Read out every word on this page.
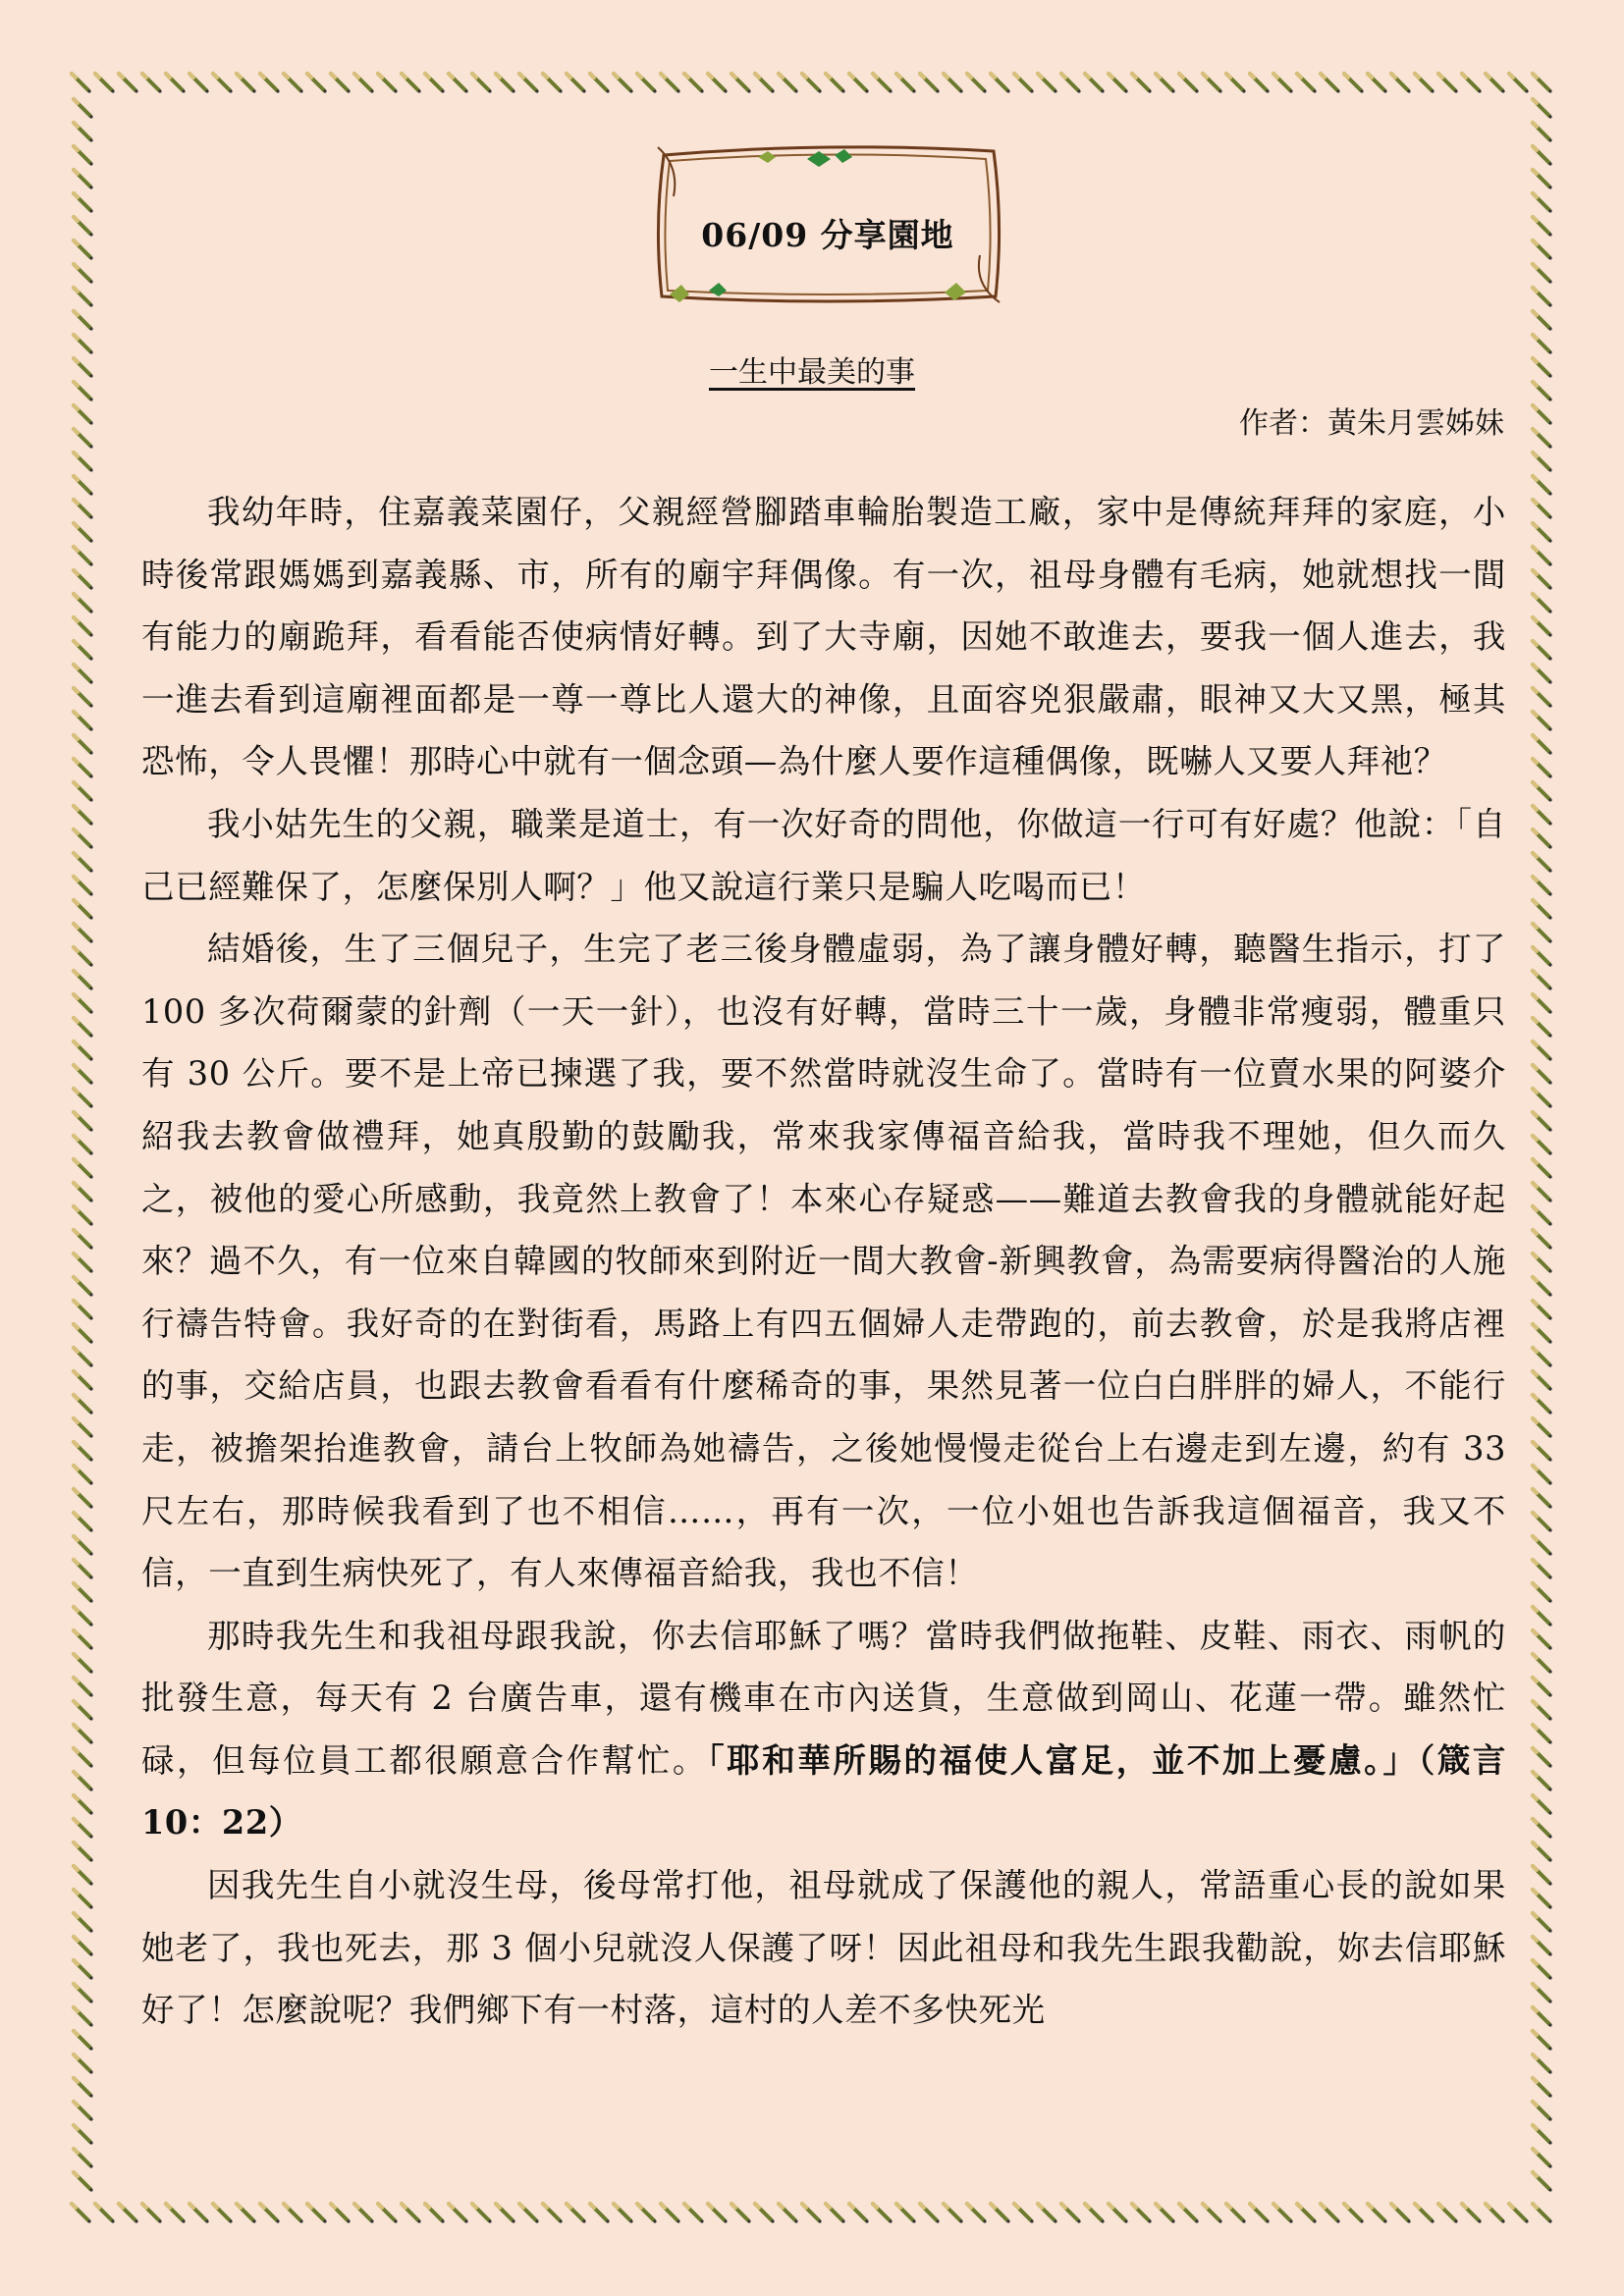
06/09 分享園地
一生中最美的事
作者：黃朱月雲姊妹

我幼年時，住嘉義菜園仔，父親經營腳踏車輪胎製造工廠，家中是傳統拜拜的家庭，小時後常跟媽媽到嘉義縣、市，所有的廟宇拜偶像。有一次，祖母身體有毛病，她就想找一間有能力的廟跪拜，看看能否使病情好轉。到了大寺廟，因她不敢進去，要我一個人進去，我一進去看到這廟裡面都是一尊一尊比人還大的神像，且面容兇狠嚴肅，眼神又大又黑，極其恐怖，令人畏懼！那時心中就有一個念頭—為什麼人要作這種偶像，既嚇人又要人拜祂？

我小姑先生的父親，職業是道士，有一次好奇的問他，你做這一行可有好處？他說：「自己已經難保了，怎麼保別人啊？」他又說這行業只是騙人吃喝而已！

結婚後，生了三個兒子，生完了老三後身體虛弱，為了讓身體好轉，聽醫生指示，打了 100 多次荷爾蒙的針劑（一天一針），也沒有好轉，當時三十一歲，身體非常瘦弱，體重只有 30 公斤。要不是上帝已揀選了我，要不然當時就沒生命了。當時有一位賣水果的阿婆介紹我去教會做禮拜，她真殷勤的鼓勵我，常來我家傳福音給我，當時我不理她，但久而久之，被他的愛心所感動，我竟然上教會了！本來心存疑惑——難道去教會我的身體就能好起來？過不久，有一位來自韓國的牧師來到附近一間大教會-新興教會，為需要病得醫治的人施行禱告特會。我好奇的在對街看，馬路上有四五個婦人走帶跑的，前去教會，於是我將店裡的事，交給店員，也跟去教會看看有什麼稀奇的事，果然見著一位白白胖胖的婦人，不能行走，被擔架抬進教會，請台上牧師為她禱告，之後她慢慢走從台上右邊走到左邊，約有 33 尺左右，那時候我看到了也不相信……，再有一次，一位小姐也告訴我這個福音，我又不信，一直到生病快死了，有人來傳福音給我，我也不信！

那時我先生和我祖母跟我說，你去信耶穌了嗎？當時我們做拖鞋、皮鞋、雨衣、雨帆的批發生意，每天有 2 台廣告車，還有機車在市內送貨，生意做到岡山、花蓮一帶。雖然忙碌，但每位員工都很願意合作幫忙。「耶和華所賜的福使人富足，並不加上憂慮。」（箴言 10：22）

因我先生自小就沒生母，後母常打他，祖母就成了保護他的親人，常語重心長的說如果她老了，我也死去，那 3 個小兒就沒人保護了呀！因此祖母和我先生跟我勸說，妳去信耶穌好了！怎麼說呢？我們鄉下有一村落，這村的人差不多快死光
